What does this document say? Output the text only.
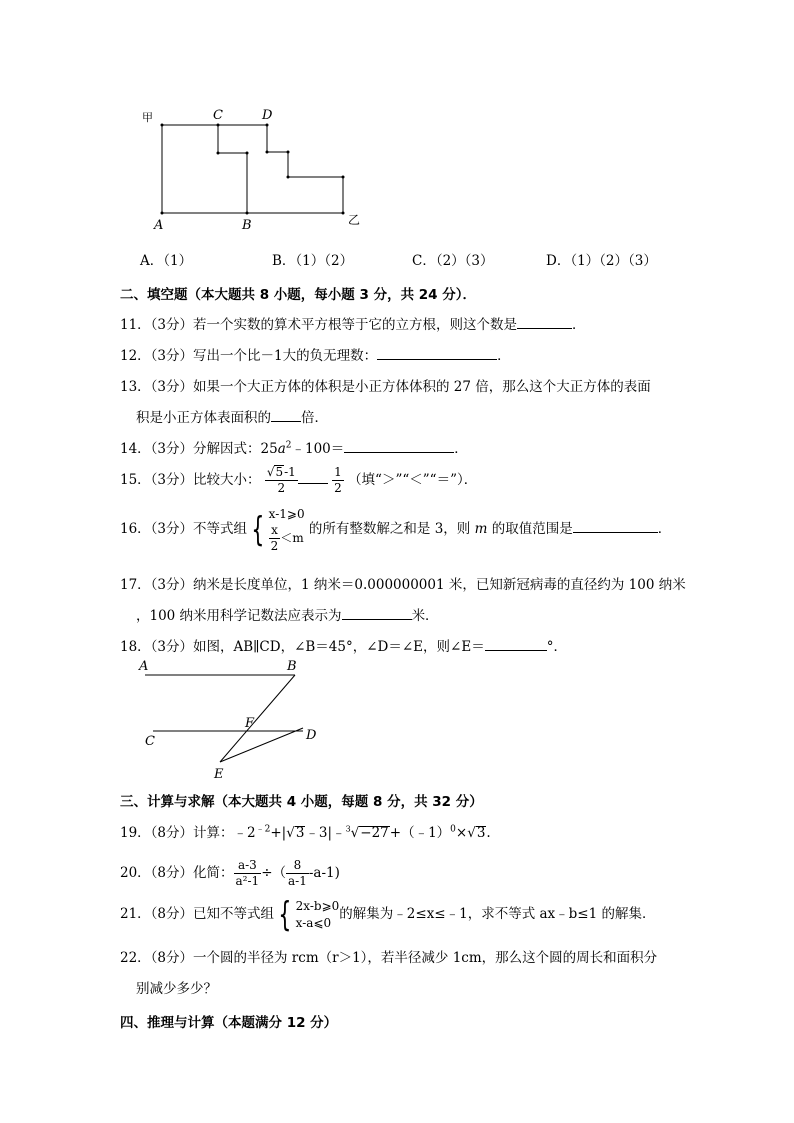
甲	C	D
A	B	乙
A．（1）	B．（1）（2）	C．（2）（3）	D．（1）（2）（3）
二、填空题（本大题共 8 小题，每小题 3 分，共 24 分）．
11．（3分）若一个实数的算术平方根等于它的立方根，则这个数是	．
12．（3分）写出一个比－1大的负无理数：	．
13．（3分）如果一个大正方体的体积是小正方体体积的 27 倍，那么这个大正方体的表面
积是小正方体表面积的 倍．
14．（3分）分解因式：$25a^2﹣100=$	．
15．（3分）比较大小： $\frac{√5-1}{2}$
	$\frac{1}{2}$ （填“＞”“＜”“＝”）．
16．（3分）不等式组 { x-1⩾0
$\frac{x}{2} <m$
的所有整数解之和是 3，则 m 的取值范围是	．
17．（3分）纳米是长度单位，1 纳米＝0.000000001 米，已知新冠病毒的直径约为 100 纳米
，100 纳米用科学记数法应表示为	米．
18．（3分）如图，AB∥CD，∠B＝45°，∠D＝∠E，则∠E＝	°．
A	B
F
C	D
E
三、计算与求解（本大题共 4 小题，每题 8 分，共 32 分）
19．（8分）计算：$﹣2^{﹣2}+|√3﹣3|﹣^3√-27+(﹣1)^0\times√3$.
20．（8分）化简： $\frac{a-3}{\text{a²-1}}$ ÷（ $\frac{8}{a-1} -a-1$)
21．（8分）已知不等式组 { 2x-b⩾0
x-a⩽0
的解集为﹣2≤x≤﹣1，求不等式 ax﹣b≤1 的解集．
22．（8分）一个圆的半径为 rcm（r＞1），若半径减少 1cm，那么这个圆的周长和面积分
别减少多少？
四、推理与计算（本题满分 12 分）
